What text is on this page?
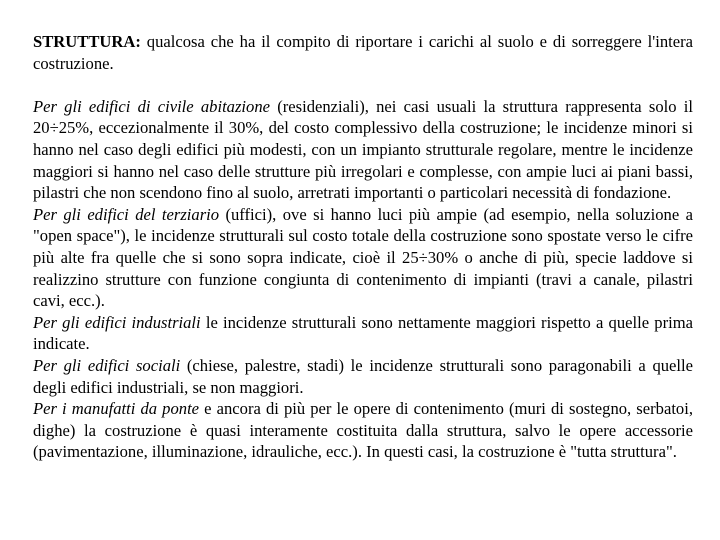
STRUTTURA: qualcosa che ha il compito di riportare i carichi al suolo e di sorreggere l'intera costruzione.

Per gli edifici di civile abitazione (residenziali), nei casi usuali la struttura rappresenta solo il 20÷25%, eccezionalmente il 30%, del costo complessivo della costruzione; le incidenze minori si hanno nel caso degli edifici più modesti, con un impianto strutturale regolare, mentre le incidenze maggiori si hanno nel caso delle strutture più irregolari e complesse, con ampie luci ai piani bassi, pilastri che non scendono fino al suolo, arretrati importanti o particolari necessità di fondazione.

Per gli edifici del terziario (uffici), ove si hanno luci più ampie (ad esempio, nella soluzione a "open space"), le incidenze strutturali sul costo totale della costruzione sono spostate verso le cifre più alte fra quelle che si sono sopra indicate, cioè il 25÷30% o anche di più, specie laddove si realizzino strutture con funzione congiunta di contenimento di impianti (travi a canale, pilastri cavi, ecc.).

Per gli edifici industriali le incidenze strutturali sono nettamente maggiori rispetto a quelle prima indicate.

Per gli edifici sociali (chiese, palestre, stadi) le incidenze strutturali sono paragonabili a quelle degli edifici industriali, se non maggiori.

Per i manufatti da ponte e ancora di più per le opere di contenimento (muri di sostegno, serbatoi, dighe) la costruzione è quasi interamente costituita dalla struttura, salvo le opere accessorie (pavimentazione, illuminazione, idrauliche, ecc.). In questi casi, la costruzione è "tutta struttura".
